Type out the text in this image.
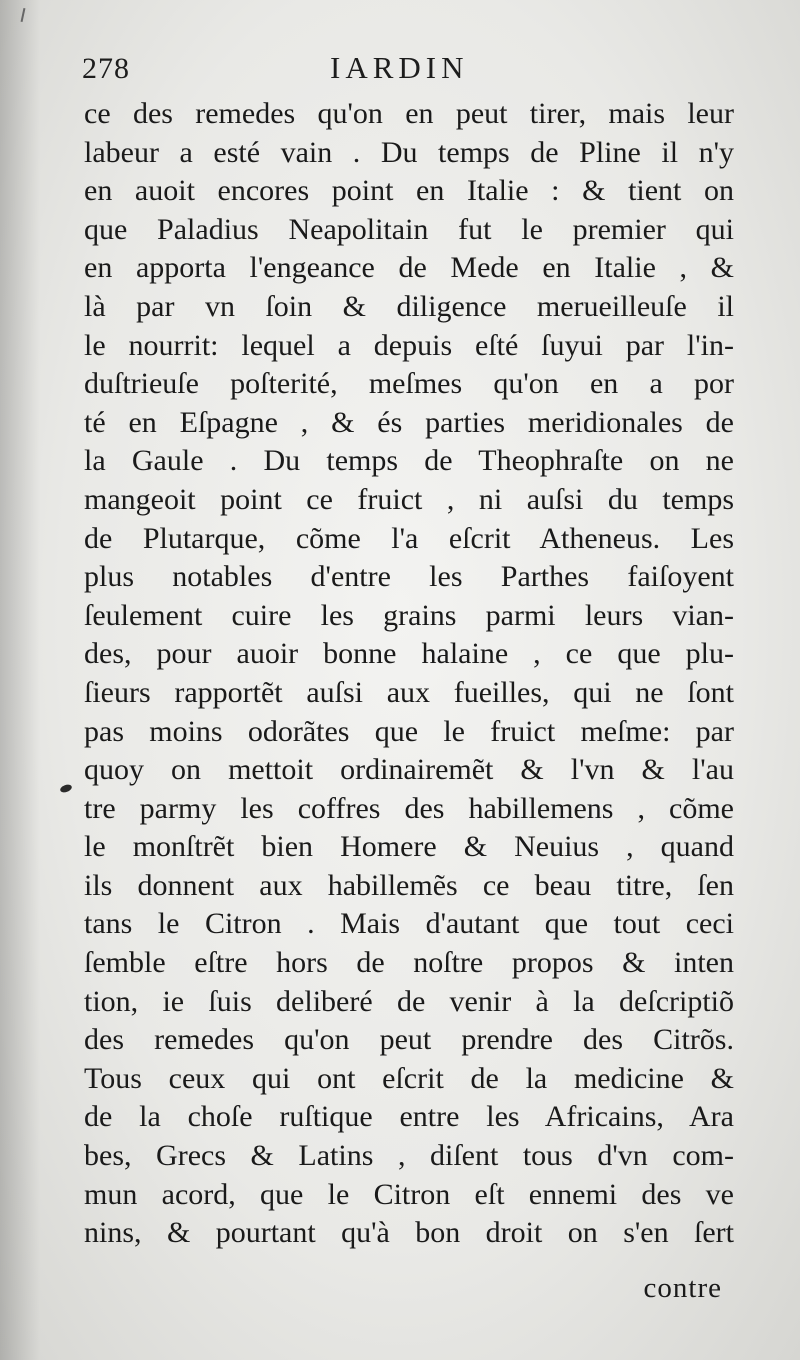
278	IARDIN
ce des remedes qu'on en peut tirer, mais leur
labeur a esté vain . Du temps de Pline il n'y
en auoit encores point en Italie : & tient on
que Paladius Neapolitain fut le premier qui
en apporta l'engeance de Mede en Italie , &
là par vn ſoin & diligence merueilleuſe il
le nourrit: lequel a depuis eſté ſuyui par l'in-
duſtrieuſe poſterité, meſmes qu'on en a por
té en Eſpagne , & és parties meridionales de
la Gaule . Du temps de Theophraſte on ne
mangeoit point ce fruict , ni auſsi du temps
de Plutarque, cõme l'a eſcrit Atheneus. Les
plus notables d'entre les Parthes faiſoyent
ſeulement cuire les grains parmi leurs vian-
des, pour auoir bonne halaine , ce que plu-
ſieurs rapportẽt auſsi aux fueilles, qui ne ſont
pas moins odorãtes que le fruict meſme: par
quoy on mettoit ordinairemẽt & l'vn & l'au
tre parmy les coffres des habillemens , cõme
le monſtrẽt bien Homere & Neuius , quand
ils donnent aux habillemẽs ce beau titre, ſen
tans le Citron . Mais d'autant que tout ceci
ſemble eſtre hors de noſtre propos & inten
tion, ie ſuis deliberé de venir à la deſcriptiõ
des remedes qu'on peut prendre des Citrõs.
Tous ceux qui ont eſcrit de la medicine &
de la choſe ruſtique entre les Africains, Ara
bes, Grecs & Latins , diſent tous d'vn com-
mun acord, que le Citron eſt ennemi des ve
nins, & pourtant qu'à bon droit on s'en ſert
contre
